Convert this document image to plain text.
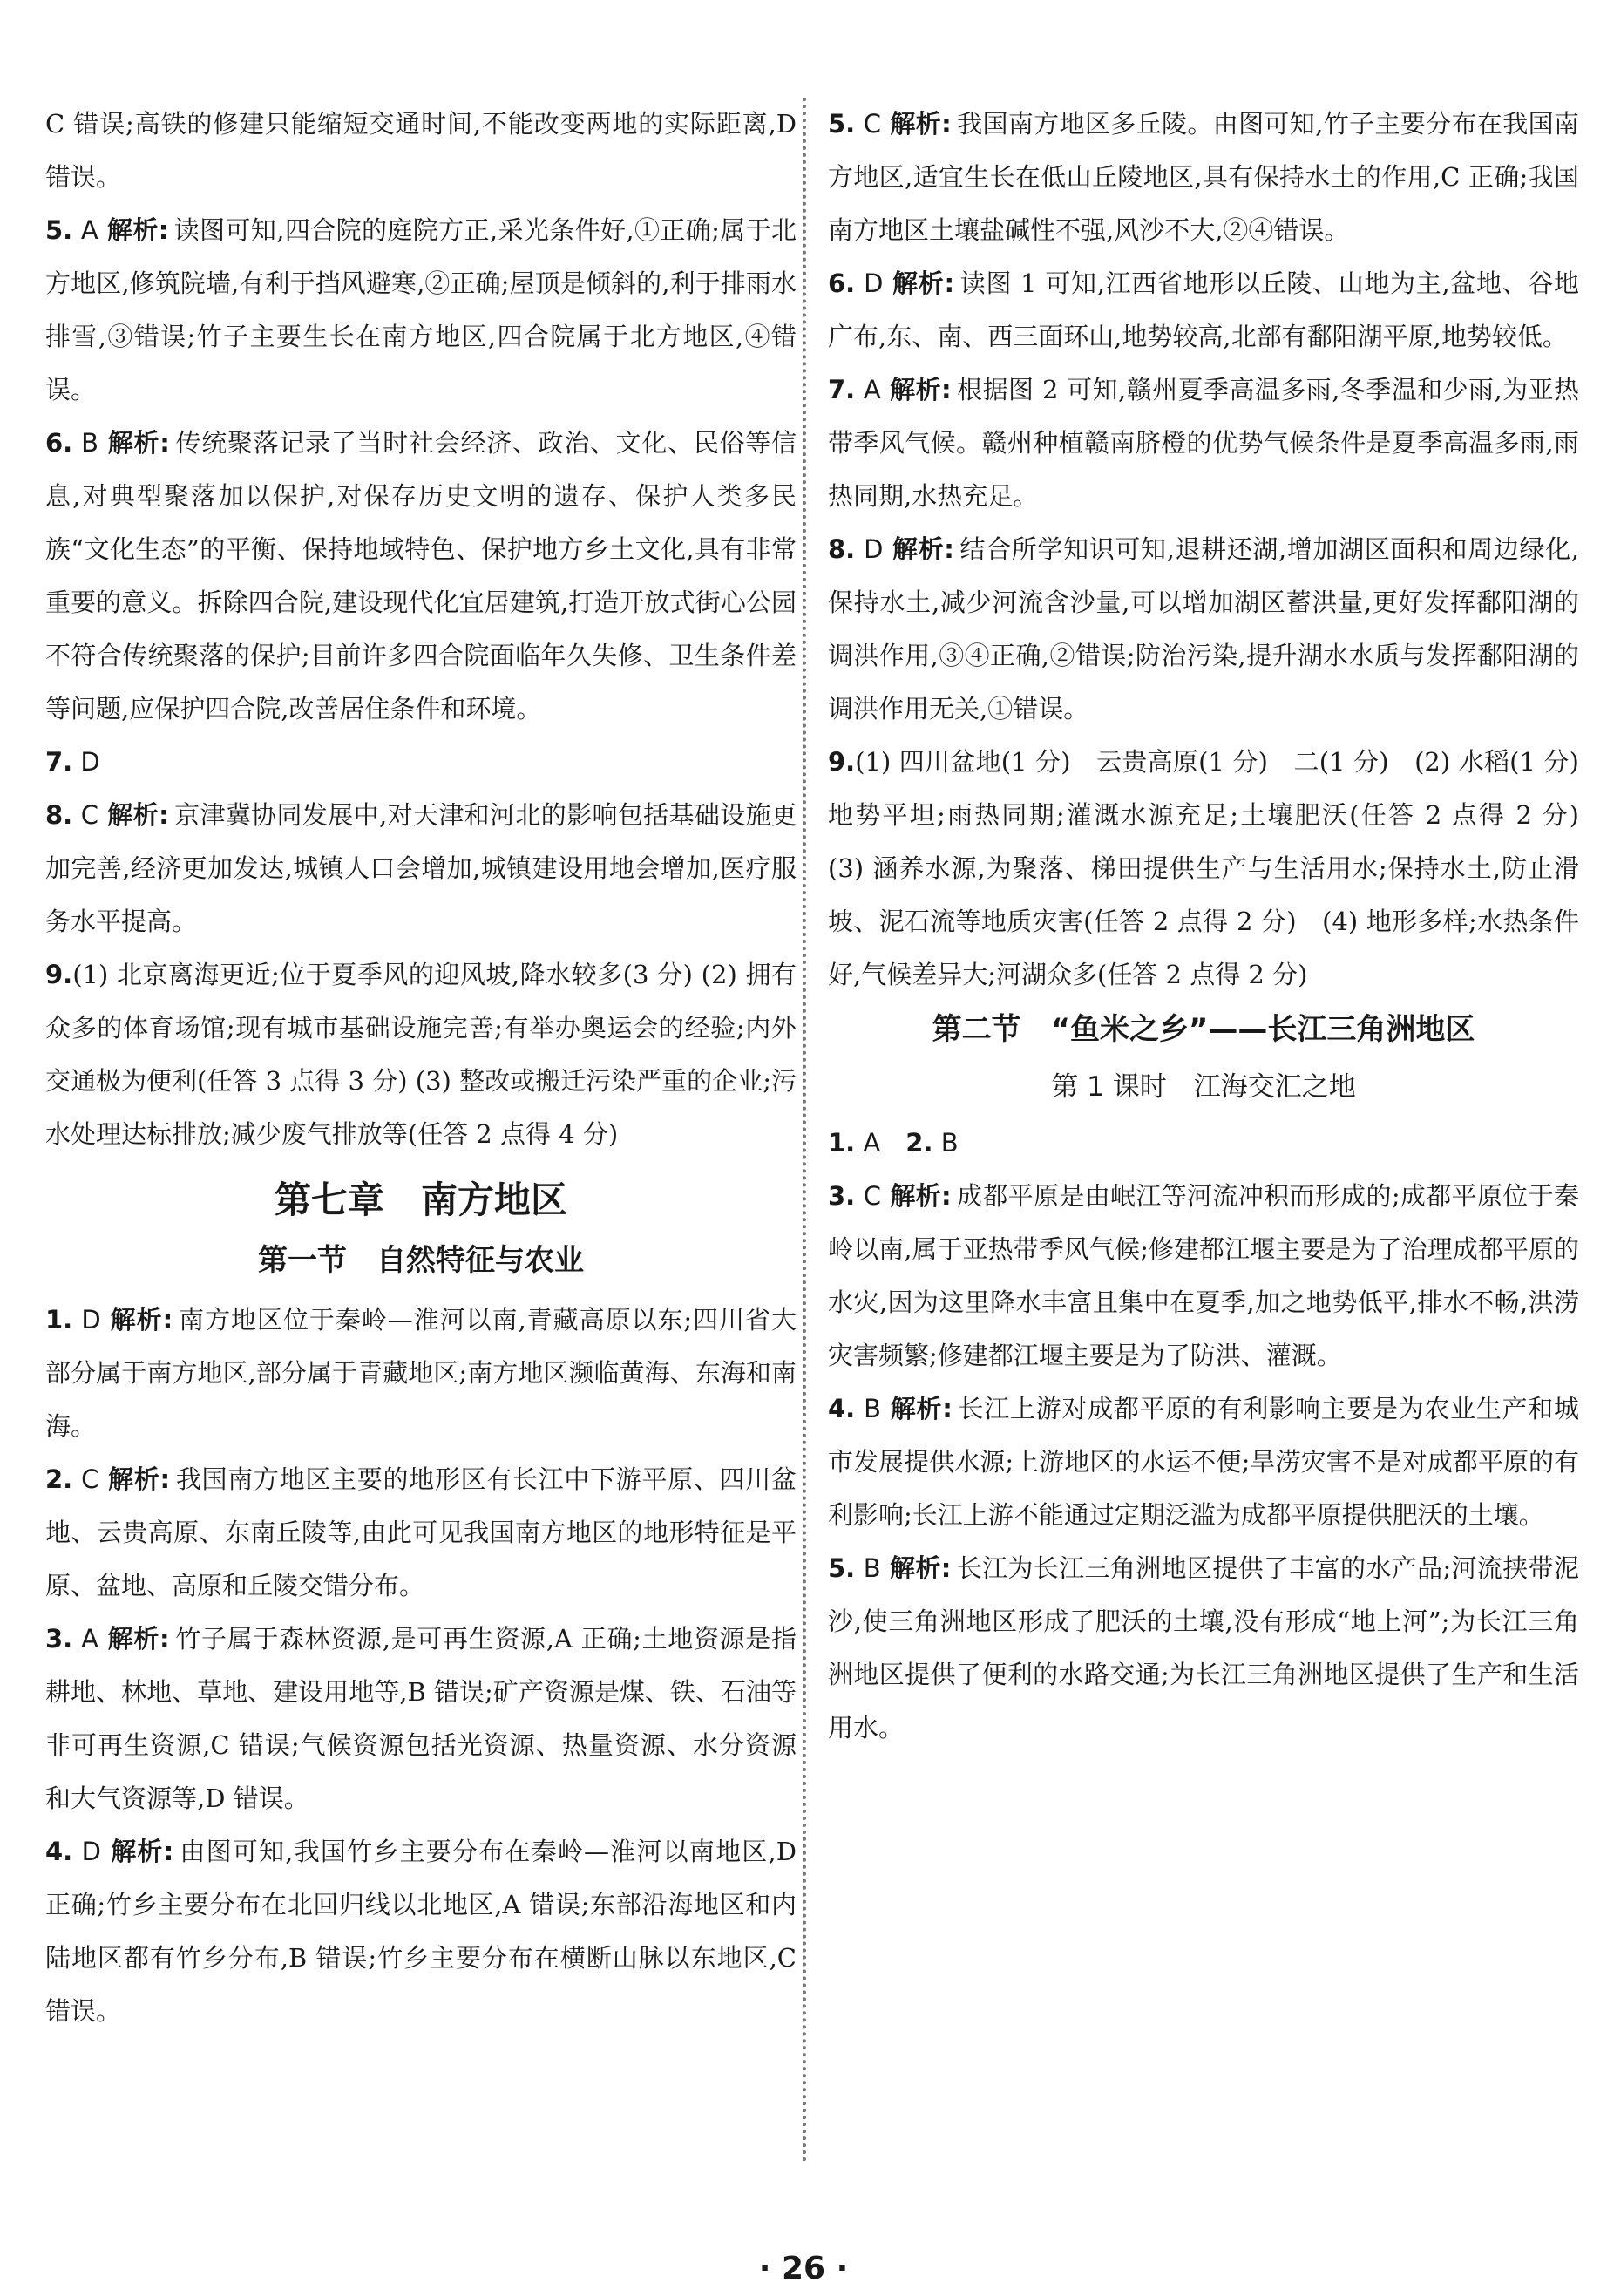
C 错误;高铁的修建只能缩短交通时间,不能改变两地的实际距离,D 错误。

5. A 解析: 读图可知,四合院的庭院方正,采光条件好,①正确;属于北方地区,修筑院墙,有利于挡风避寒,②正确;屋顶是倾斜的,利于排雨水排雪,③错误;竹子主要生长在南方地区,四合院属于北方地区,④错误。

6. B 解析: 传统聚落记录了当时社会经济、政治、文化、民俗等信息,对典型聚落加以保护,对保存历史文明的遗存、保护人类多民族“文化生态”的平衡、保持地域特色、保护地方乡土文化,具有非常重要的意义。拆除四合院,建设现代化宜居建筑,打造开放式街心公园不符合传统聚落的保护;目前许多四合院面临年久失修、卫生条件差等问题,应保护四合院,改善居住条件和环境。

7. D

8. C 解析: 京津冀协同发展中,对天津和河北的影响包括基础设施更加完善,经济更加发达,城镇人口会增加,城镇建设用地会增加,医疗服务水平提高。

9.(1) 北京离海更近;位于夏季风的迎风坡,降水较多(3 分) (2) 拥有众多的体育场馆;现有城市基础设施完善;有举办奥运会的经验;内外交通极为便利(任答 3 点得 3 分) (3) 整改或搬迁污染严重的企业;污水处理达标排放;减少废气排放等(任答 2 点得 4 分)

第七章　南方地区
第一节　自然特征与农业

1. D 解析: 南方地区位于秦岭—淮河以南,青藏高原以东;四川省大部分属于南方地区,部分属于青藏地区;南方地区濒临黄海、东海和南海。

2. C 解析: 我国南方地区主要的地形区有长江中下游平原、四川盆地、云贵高原、东南丘陵等,由此可见我国南方地区的地形特征是平原、盆地、高原和丘陵交错分布。

3. A 解析: 竹子属于森林资源,是可再生资源,A 正确;土地资源是指耕地、林地、草地、建设用地等,B 错误;矿产资源是煤、铁、石油等非可再生资源,C 错误;气候资源包括光资源、热量资源、水分资源和大气资源等,D 错误。

4. D 解析: 由图可知,我国竹乡主要分布在秦岭—淮河以南地区,D 正确;竹乡主要分布在北回归线以北地区,A 错误;东部沿海地区和内陆地区都有竹乡分布,B 错误;竹乡主要分布在横断山脉以东地区,C 错误。

5. C 解析: 我国南方地区多丘陵。由图可知,竹子主要分布在我国南方地区,适宜生长在低山丘陵地区,具有保持水土的作用,C 正确;我国南方地区土壤盐碱性不强,风沙不大,②④错误。

6. D 解析: 读图 1 可知,江西省地形以丘陵、山地为主,盆地、谷地广布,东、南、西三面环山,地势较高,北部有鄱阳湖平原,地势较低。

7. A 解析: 根据图 2 可知,赣州夏季高温多雨,冬季温和少雨,为亚热带季风气候。赣州种植赣南脐橙的优势气候条件是夏季高温多雨,雨热同期,水热充足。

8. D 解析: 结合所学知识可知,退耕还湖,增加湖区面积和周边绿化,保持水土,减少河流含沙量,可以增加湖区蓄洪量,更好发挥鄱阳湖的调洪作用,③④正确,②错误;防治污染,提升湖水水质与发挥鄱阳湖的调洪作用无关,①错误。

9.(1) 四川盆地(1 分)　云贵高原(1 分)　二(1 分)　(2) 水稻(1 分)　地势平坦;雨热同期;灌溉水源充足;土壤肥沃(任答 2 点得 2 分)　(3) 涵养水源,为聚落、梯田提供生产与生活用水;保持水土,防止滑坡、泥石流等地质灾害(任答 2 点得 2 分)　(4) 地形多样;水热条件好,气候差异大;河湖众多(任答 2 点得 2 分)

第二节　“鱼米之乡”——长江三角洲地区
第 1 课时　江海交汇之地

1. A　 2. B

3. C 解析: 成都平原是由岷江等河流冲积而形成的;成都平原位于秦岭以南,属于亚热带季风气候;修建都江堰主要是为了治理成都平原的水灾,因为这里降水丰富且集中在夏季,加之地势低平,排水不畅,洪涝灾害频繁;修建都江堰主要是为了防洪、灌溉。

4. B 解析: 长江上游对成都平原的有利影响主要是为农业生产和城市发展提供水源;上游地区的水运不便;旱涝灾害不是对成都平原的有利影响;长江上游不能通过定期泛滥为成都平原提供肥沃的土壤。

5. B 解析: 长江为长江三角洲地区提供了丰富的水产品;河流挟带泥沙,使三角洲地区形成了肥沃的土壤,没有形成“地上河”;为长江三角洲地区提供了便利的水路交通;为长江三角洲地区提供了生产和生活用水。

· 26 ·
